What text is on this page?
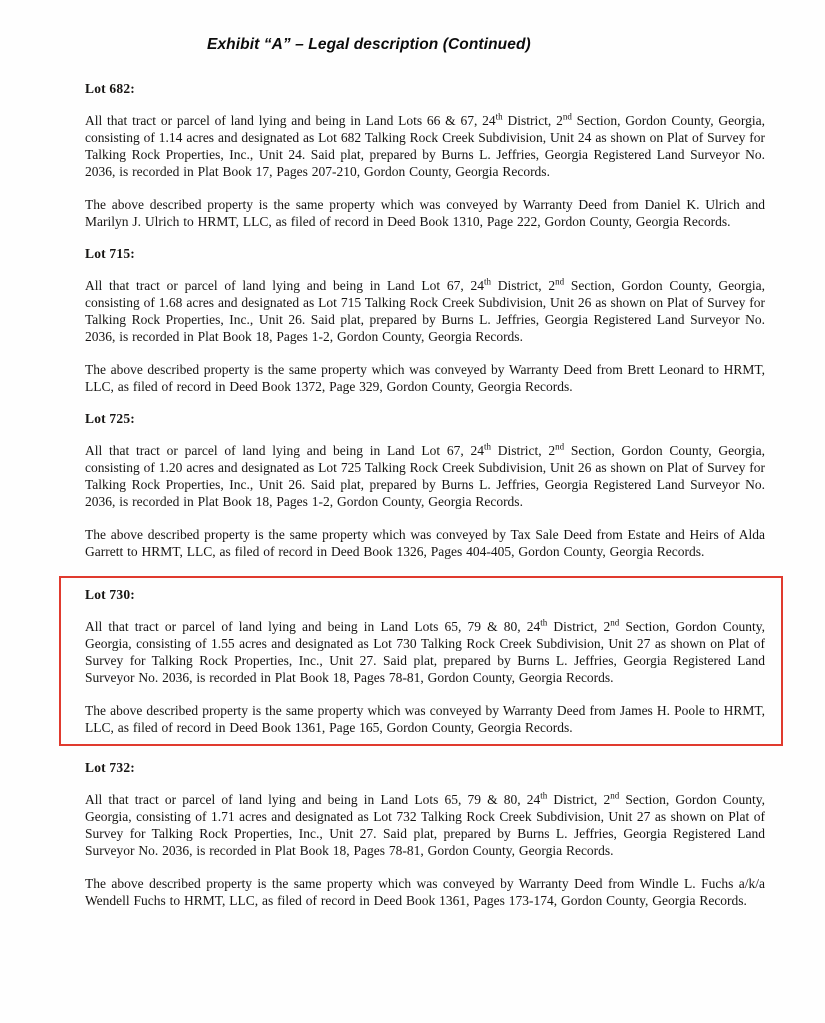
Exhibit “A” – Legal description (Continued)
Lot 682:

All that tract or parcel of land lying and being in Land Lots 66 & 67, 24th District, 2nd Section, Gordon County, Georgia, consisting of 1.14 acres and designated as Lot 682 Talking Rock Creek Subdivision, Unit 24 as shown on Plat of Survey for Talking Rock Properties, Inc., Unit 24. Said plat, prepared by Burns L. Jeffries, Georgia Registered Land Surveyor No. 2036, is recorded in Plat Book 17, Pages 207-210, Gordon County, Georgia Records.

The above described property is the same property which was conveyed by Warranty Deed from Daniel K. Ulrich and Marilyn J. Ulrich to HRMT, LLC, as filed of record in Deed Book 1310, Page 222, Gordon County, Georgia Records.

Lot 715:

All that tract or parcel of land lying and being in Land Lot 67, 24th District, 2nd Section, Gordon County, Georgia, consisting of 1.68 acres and designated as Lot 715 Talking Rock Creek Subdivision, Unit 26 as shown on Plat of Survey for Talking Rock Properties, Inc., Unit 26. Said plat, prepared by Burns L. Jeffries, Georgia Registered Land Surveyor No. 2036, is recorded in Plat Book 18, Pages 1-2, Gordon County, Georgia Records.

The above described property is the same property which was conveyed by Warranty Deed from Brett Leonard to HRMT, LLC, as filed of record in Deed Book 1372, Page 329, Gordon County, Georgia Records.

Lot 725:

All that tract or parcel of land lying and being in Land Lot 67, 24th District, 2nd Section, Gordon County, Georgia, consisting of 1.20 acres and designated as Lot 725 Talking Rock Creek Subdivision, Unit 26 as shown on Plat of Survey for Talking Rock Properties, Inc., Unit 26. Said plat, prepared by Burns L. Jeffries, Georgia Registered Land Surveyor No. 2036, is recorded in Plat Book 18, Pages 1-2, Gordon County, Georgia Records.

The above described property is the same property which was conveyed by Tax Sale Deed from Estate and Heirs of Alda Garrett to HRMT, LLC, as filed of record in Deed Book 1326, Pages 404-405, Gordon County, Georgia Records.

Lot 730:

All that tract or parcel of land lying and being in Land Lots 65, 79 & 80, 24th District, 2nd Section, Gordon County, Georgia, consisting of 1.55 acres and designated as Lot 730 Talking Rock Creek Subdivision, Unit 27 as shown on Plat of Survey for Talking Rock Properties, Inc., Unit 27. Said plat, prepared by Burns L. Jeffries, Georgia Registered Land Surveyor No. 2036, is recorded in Plat Book 18, Pages 78-81, Gordon County, Georgia Records.

The above described property is the same property which was conveyed by Warranty Deed from James H. Poole to HRMT, LLC, as filed of record in Deed Book 1361, Page 165, Gordon County, Georgia Records.

Lot 732:

All that tract or parcel of land lying and being in Land Lots 65, 79 & 80, 24th District, 2nd Section, Gordon County, Georgia, consisting of 1.71 acres and designated as Lot 732 Talking Rock Creek Subdivision, Unit 27 as shown on Plat of Survey for Talking Rock Properties, Inc., Unit 27. Said plat, prepared by Burns L. Jeffries, Georgia Registered Land Surveyor No. 2036, is recorded in Plat Book 18, Pages 78-81, Gordon County, Georgia Records.

The above described property is the same property which was conveyed by Warranty Deed from Windle L. Fuchs a/k/a Wendell Fuchs to HRMT, LLC, as filed of record in Deed Book 1361, Pages 173-174, Gordon County, Georgia Records.
